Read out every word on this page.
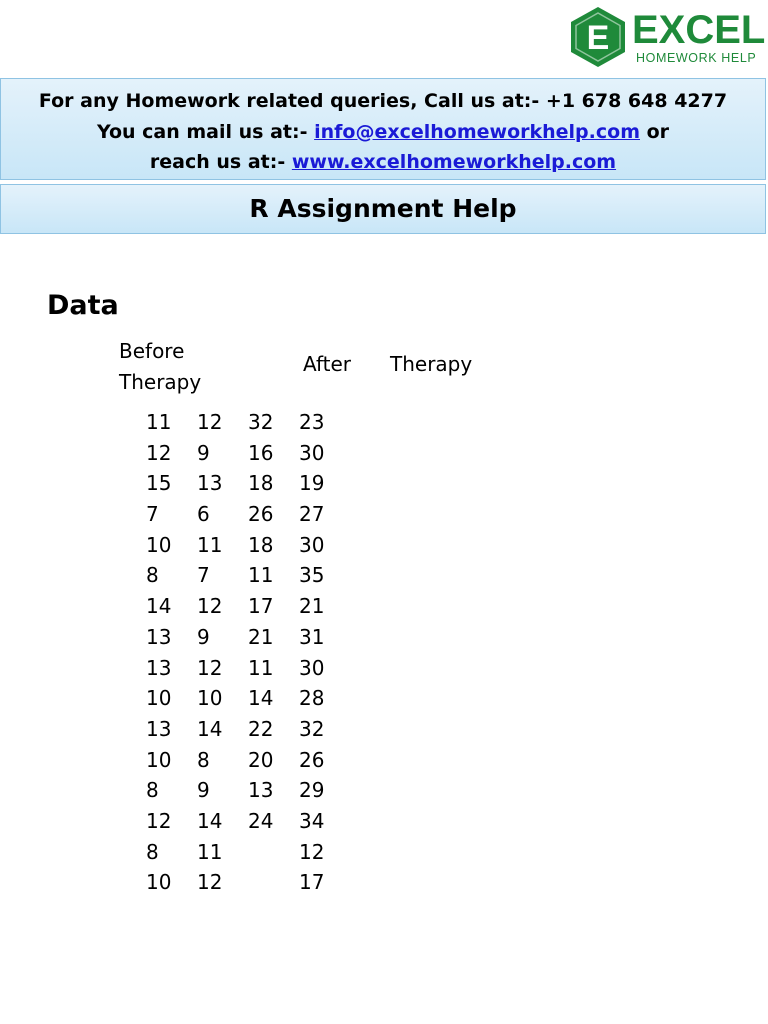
E EXCEL
HOMEWORK HELP
For any Homework related queries, Call us at:- +1 678 648 4277
You can mail us at:- info@excelhomeworkhelp.com or
reach us at:- www.excelhomeworkhelp.com
R Assignment Help
Data
Before
Therapy
After Therapy
11 12 32 23
12 9 16 30
15 13 18 19
7 6 26 27
10 11 18 30
8 7 11 35
14 12 17 21
13 9 21 31
13 12 11 30
10 10 14 28
13 14 22 32
10 8 20 26
8 9 13 29
12 14 24 34
8 11	12
10 12	17
